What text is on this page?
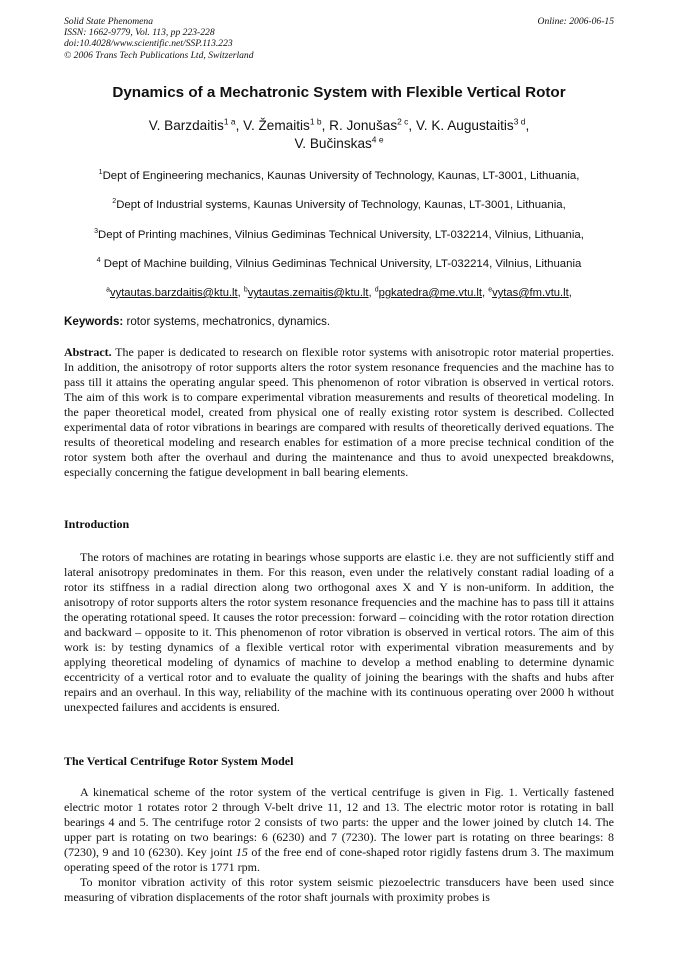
Solid State Phenomena
ISSN: 1662-9779, Vol. 113, pp 223-228
doi:10.4028/www.scientific.net/SSP.113.223
© 2006 Trans Tech Publications Ltd, Switzerland
Online: 2006-06-15
Dynamics of a Mechatronic System with Flexible Vertical Rotor
V. Barzdaitis$^{1 a}$, V. Žemaitis$^{1 b}$, R. Jonušas$^{2 c}$, V. K. Augustaitis$^{3 d}$,
V. Bučinskas$^{4 e}$
$^1$Dept of Engineering mechanics, Kaunas University of Technology, Kaunas, LT-3001, Lithuania,
$^2$Dept of Industrial systems, Kaunas University of Technology, Kaunas, LT-3001, Lithuania,
$^3$Dept of Printing machines, Vilnius Gediminas Technical University, LT-032214, Vilnius, Lithuania,
$^4$ Dept of Machine building, Vilnius Gediminas Technical University, LT-032214, Vilnius, Lithuania
$^a$vytautas.barzdaitis@ktu.lt, $^b$vytautas.zemaitis@ktu.lt, $^d$pgkatedra@me.vtu.lt, $^e$vytas@fm.vtu.lt,
Keywords: rotor systems, mechatronics, dynamics.

Abstract. The paper is dedicated to research on flexible rotor systems with anisotropic rotor material properties. In addition, the anisotropy of rotor supports alters the rotor system resonance frequencies and the machine has to pass till it attains the operating angular speed. This phenomenon of rotor vibration is observed in vertical rotors. The aim of this work is to compare experimental vibration measurements and results of theoretical modeling. In the paper theoretical model, created from physical one of really existing rotor system is described. Collected experimental data of rotor vibrations in bearings are compared with results of theoretically derived equations. The results of theoretical modeling and research enables for estimation of a more precise technical condition of the rotor system both after the overhaul and during the maintenance and thus to avoid unexpected breakdowns, especially concerning the fatigue development in ball bearing elements.

Introduction

The rotors of machines are rotating in bearings whose supports are elastic i.e. they are not sufficiently stiff and lateral anisotropy predominates in them. For this reason, even under the relatively constant radial loading of a rotor its stiffness in a radial direction along two orthogonal axes X and Y is non-uniform. In addition, the anisotropy of rotor supports alters the rotor system resonance frequencies and the machine has to pass till it attains the operating rotational speed. It causes the rotor precession: forward – coinciding with the rotor rotation direction and backward – opposite to it. This phenomenon of rotor vibration is observed in vertical rotors. The aim of this work is: by testing dynamics of a flexible vertical rotor with experimental vibration measurements and by applying theoretical modeling of dynamics of machine to develop a method enabling to determine dynamic eccentricity of a vertical rotor and to evaluate the quality of joining the bearings with the shafts and hubs after repairs and an overhaul. In this way, reliability of the machine with its continuous operating over 2000 h without unexpected failures and accidents is ensured.

The Vertical Centrifuge Rotor System Model

A kinematical scheme of the rotor system of the vertical centrifuge is given in Fig. 1. Vertically fastened electric motor 1 rotates rotor 2 through V-belt drive 11, 12 and 13. The electric motor rotor is rotating in ball bearings 4 and 5. The centrifuge rotor 2 consists of two parts: the upper and the lower joined by clutch 14. The upper part is rotating on two bearings: 6 (6230) and 7 (7230). The lower part is rotating on three bearings: 8 (7230), 9 and 10 (6230). Key joint 15 of the free end of cone-shaped rotor rigidly fastens drum 3. The maximum operating speed of the rotor is 1771 rpm.

To monitor vibration activity of this rotor system seismic piezoelectric transducers have been used since measuring of vibration displacements of the rotor shaft journals with proximity probes is
